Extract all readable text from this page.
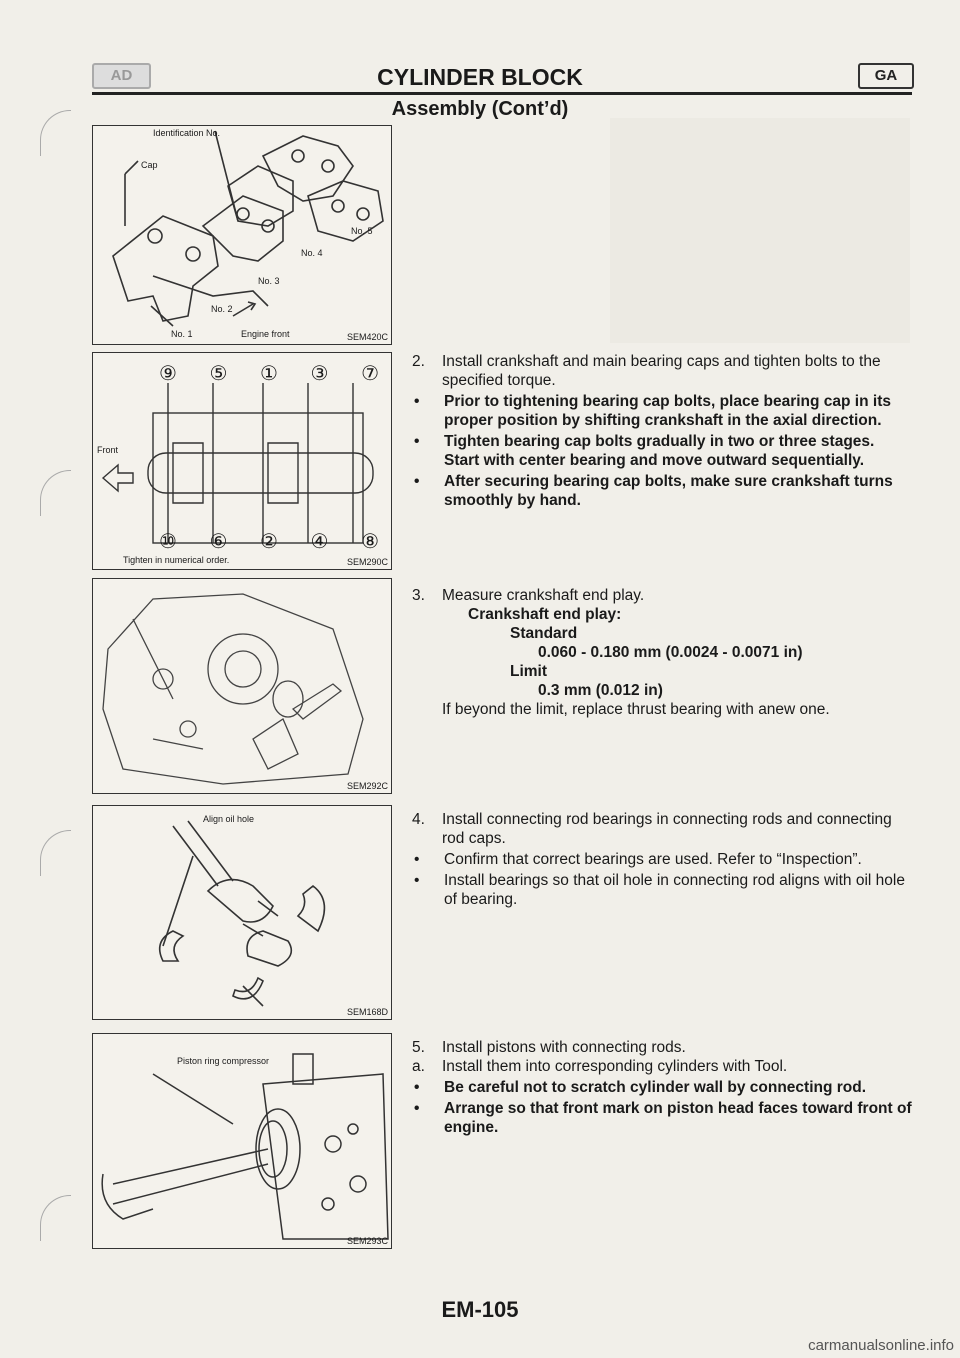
AD	CYLINDER BLOCK	GA
Assembly (Cont’d)
Identification No.
Cap
No. 5
No. 4
No. 3
No. 2
No. 1	Engine front	SEM420C
⑨ ⑤ ① ③ ⑦
⑩ ⑥ ② ④ ⑧
Front
Tighten in numerical order.	SEM290C
SEM292C
Align oil hole
SEM168D
Piston ring compressor
SEM293C
2.	Install crankshaft and main bearing caps and tighten bolts to the specified torque.

•	Prior to tightening bearing cap bolts, place bearing cap in its proper position by shifting crankshaft in the axial direction.

•	Tighten bearing cap bolts gradually in two or three stages. Start with center bearing and move outward sequentially.

•	After securing bearing cap bolts, make sure crankshaft turns smoothly by hand.

3.	Measure crankshaft end play.

Crankshaft end play:

Standard

0.060 - 0.180 mm (0.0024 - 0.0071 in)

Limit

0.3 mm (0.012 in)

If beyond the limit, replace thrust bearing with anew one.

4.	Install connecting rod bearings in connecting rods and connecting rod caps.

•	Confirm that correct bearings are used. Refer to “Inspection”.

•	Install bearings so that oil hole in connecting rod aligns with oil hole of bearing.

5.	Install pistons with connecting rods.

a.	Install them into corresponding cylinders with Tool.

•	Be careful not to scratch cylinder wall by connecting rod.

•	Arrange so that front mark on piston head faces toward front of engine.

EM-105
carmanualsonline.info
